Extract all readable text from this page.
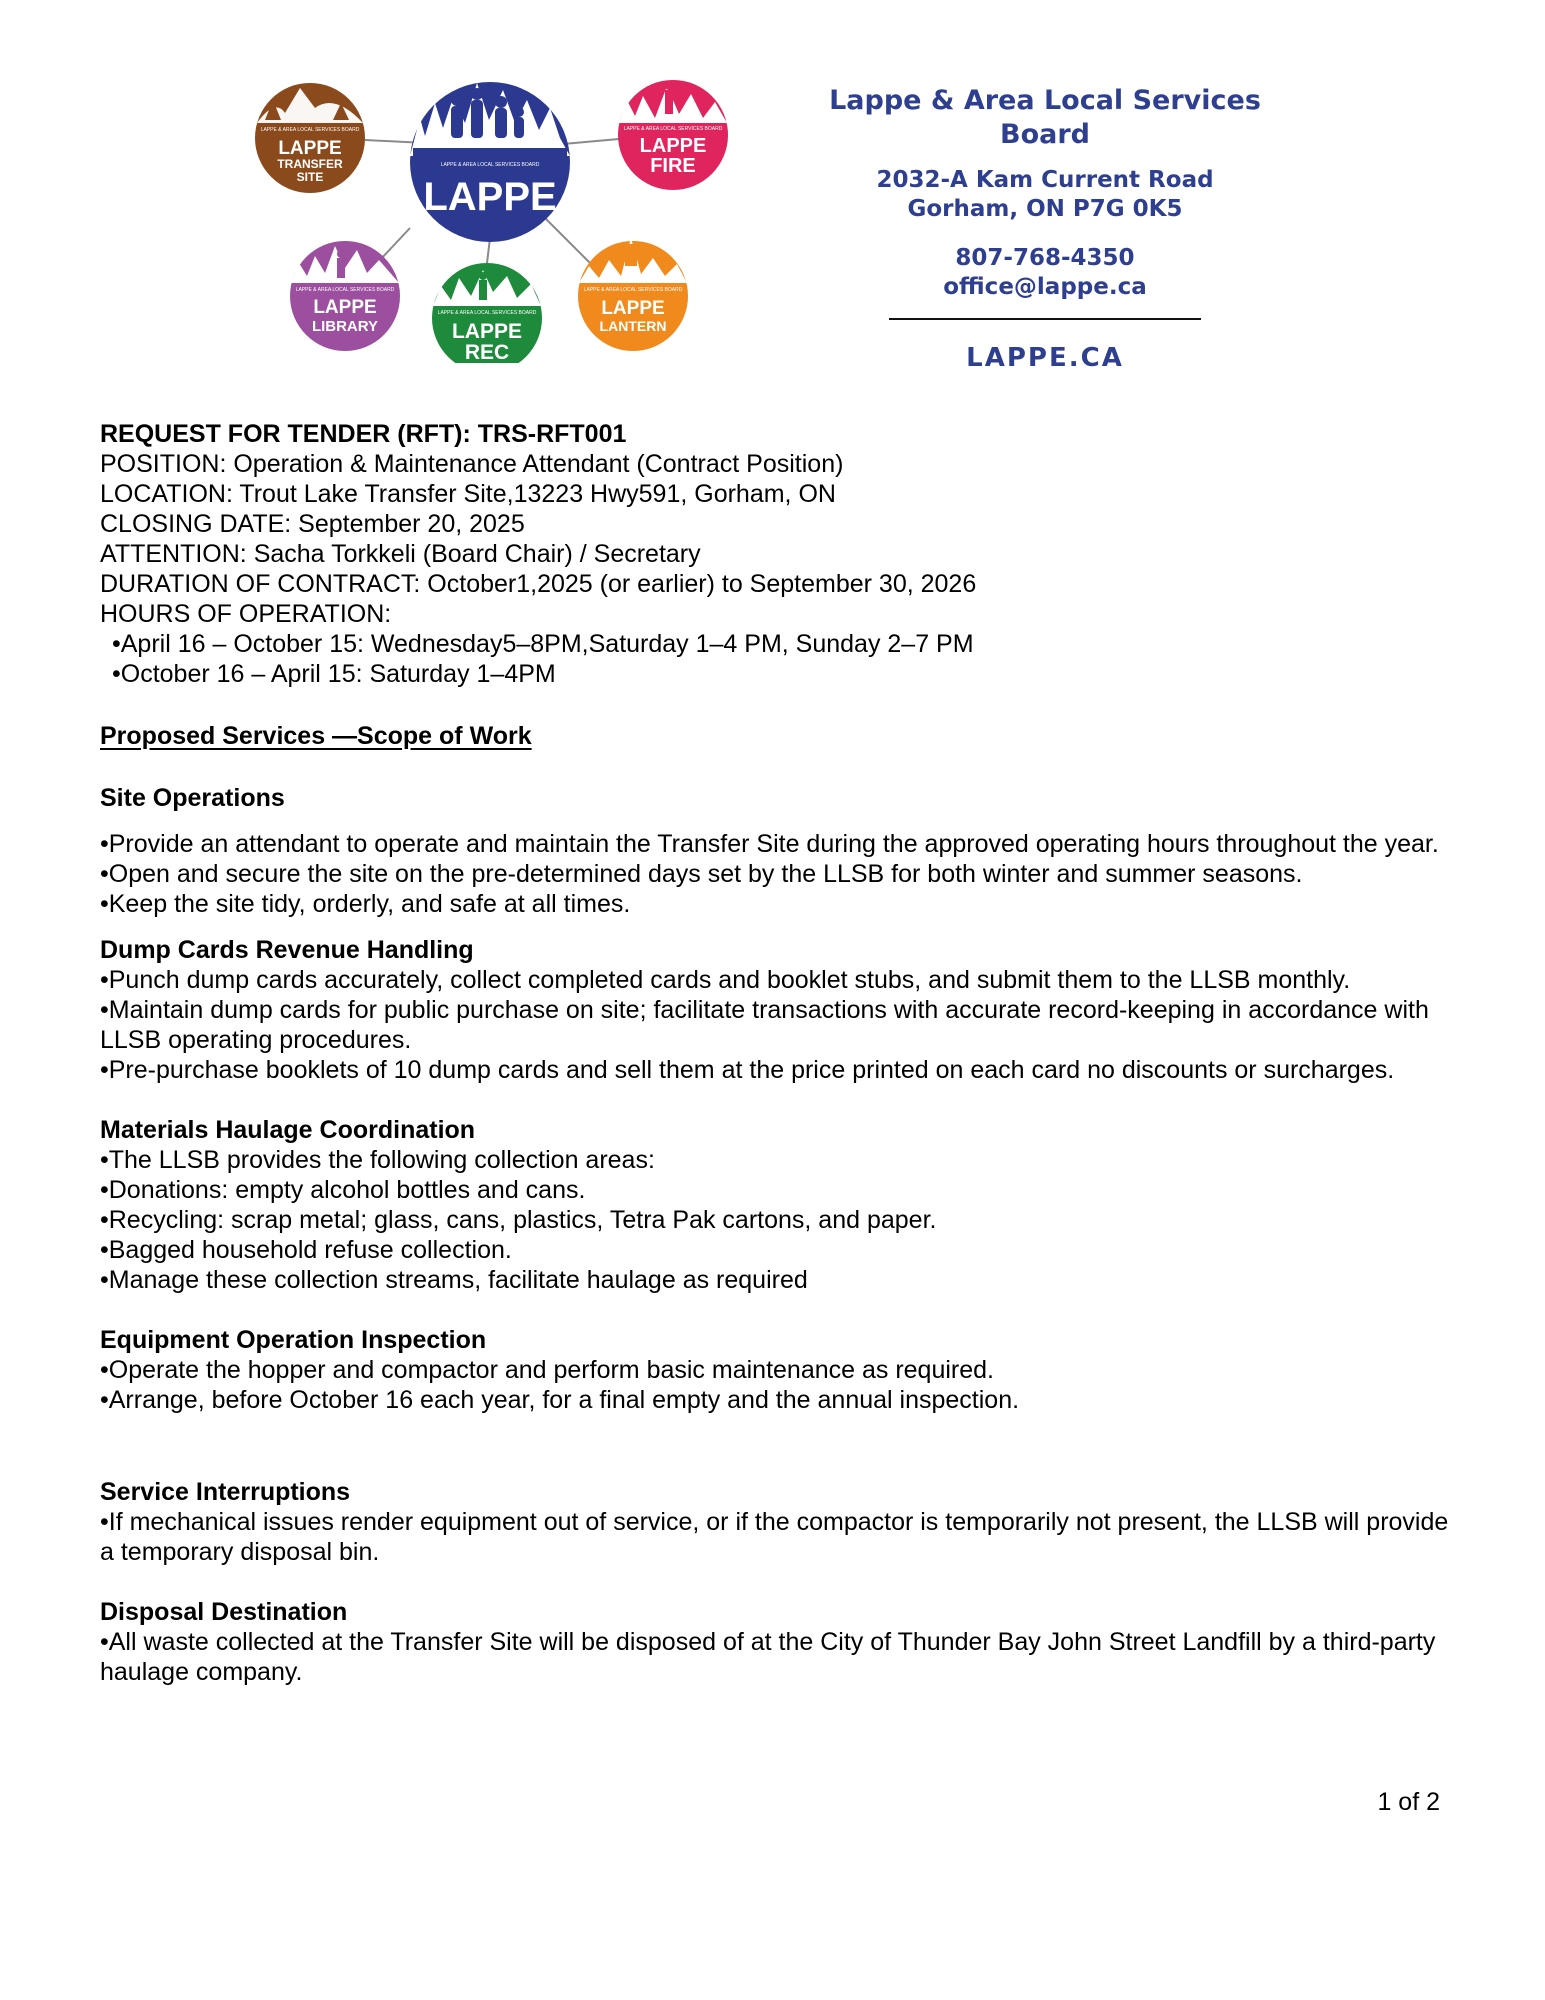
LAPPE & AREA LOCAL SERVICES BOARD
LAPPE
TRANSFER
SITE
LAPPE & AREA LOCAL SERVICES BOARD
LAPPE
LAPPE & AREA LOCAL SERVICES BOARD
LAPPE
FIRE
LAPPE & AREA LOCAL SERVICES BOARD
LAPPE
LIBRARY
LAPPE & AREA LOCAL SERVICES BOARD
LAPPE
REC
LAPPE & AREA LOCAL SERVICES BOARD
LAPPE
LANTERN

Lappe & Area Local Services Board

2032-A Kam Current Road

Gorham, ON P7G 0K5

807-768-4350

office@lappe.ca

LAPPE.CA

REQUEST FOR TENDER (RFT): TRS-RFT001

POSITION: Operation & Maintenance Attendant (Contract Position)

LOCATION: Trout Lake Transfer Site,13223 Hwy591, Gorham, ON

CLOSING DATE: September 20, 2025

ATTENTION: Sacha Torkkeli (Board Chair) / Secretary

DURATION OF CONTRACT: October1,2025 (or earlier) to September 30, 2026

HOURS OF OPERATION:

•April 16 – October 15: Wednesday5–8PM,Saturday 1–4 PM, Sunday 2–7 PM

•October 16 – April 15: Saturday 1–4PM

Proposed Services —Scope of Work

Site Operations

•Provide an attendant to operate and maintain the Transfer Site during the approved operating hours throughout the year.

•Open and secure the site on the pre-determined days set by the LLSB for both winter and summer seasons.

•Keep the site tidy, orderly, and safe at all times.

Dump Cards Revenue Handling

•Punch dump cards accurately, collect completed cards and booklet stubs, and submit them to the LLSB monthly.

•Maintain dump cards for public purchase on site; facilitate transactions with accurate record-keeping in accordance with LLSB operating procedures.

•Pre-purchase booklets of 10 dump cards and sell them at the price printed on each card no discounts or surcharges.

Materials Haulage Coordination

•The LLSB provides the following collection areas:

•Donations: empty alcohol bottles and cans.

•Recycling: scrap metal; glass, cans, plastics, Tetra Pak cartons, and paper.

•Bagged household refuse collection.

•Manage these collection streams, facilitate haulage as required

Equipment Operation Inspection

•Operate the hopper and compactor and perform basic maintenance as required.

•Arrange, before October 16 each year, for a final empty and the annual inspection.

Service Interruptions

•If mechanical issues render equipment out of service, or if the compactor is temporarily not present, the LLSB will provide a temporary disposal bin.

Disposal Destination

•All waste collected at the Transfer Site will be disposed of at the City of Thunder Bay John Street Landfill by a third-party haulage company.

1 of 2
